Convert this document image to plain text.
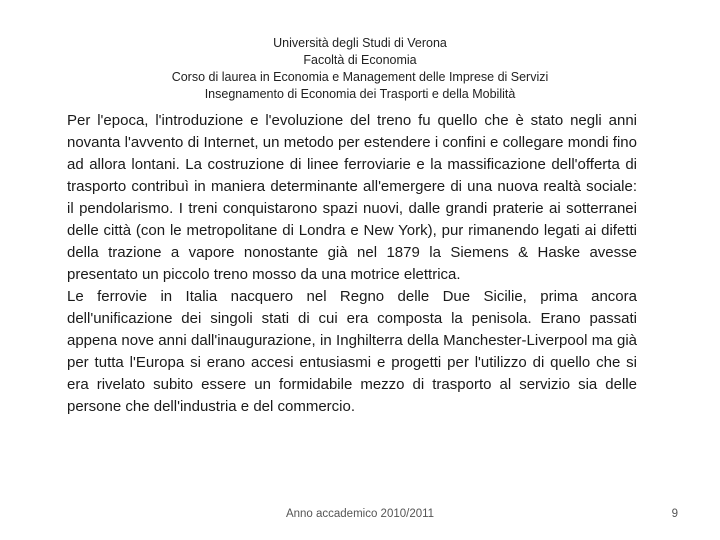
Università degli Studi di Verona
Facoltà di Economia
Corso di laurea in Economia e Management delle Imprese di Servizi
Insegnamento di Economia dei Trasporti e della Mobilità

Per l'epoca, l'introduzione e l'evoluzione del treno fu quello che è stato negli anni novanta l'avvento di Internet, un metodo per estendere i confini e collegare mondi fino ad allora lontani. La costruzione di linee ferroviarie e la massificazione dell'offerta di trasporto contribuì in maniera determinante all'emergere di una nuova realtà sociale: il pendolarismo. I treni conquistarono spazi nuovi, dalle grandi praterie ai sotterranei delle città (con le metropolitane di Londra e New York), pur rimanendo legati ai difetti della trazione a vapore nonostante già nel 1879 la Siemens & Haske avesse presentato un piccolo treno mosso da una motrice elettrica.

Le ferrovie in Italia nacquero nel Regno delle Due Sicilie, prima ancora dell'unificazione dei singoli stati di cui era composta la penisola. Erano passati appena nove anni dall'inaugurazione, in Inghilterra della Manchester-Liverpool ma già per tutta l'Europa si erano accesi entusiasmi e progetti per l'utilizzo di quello che si era rivelato subito essere un formidabile mezzo di trasporto al servizio sia delle persone che dell'industria e del commercio.

Anno accademico 2010/2011	9
